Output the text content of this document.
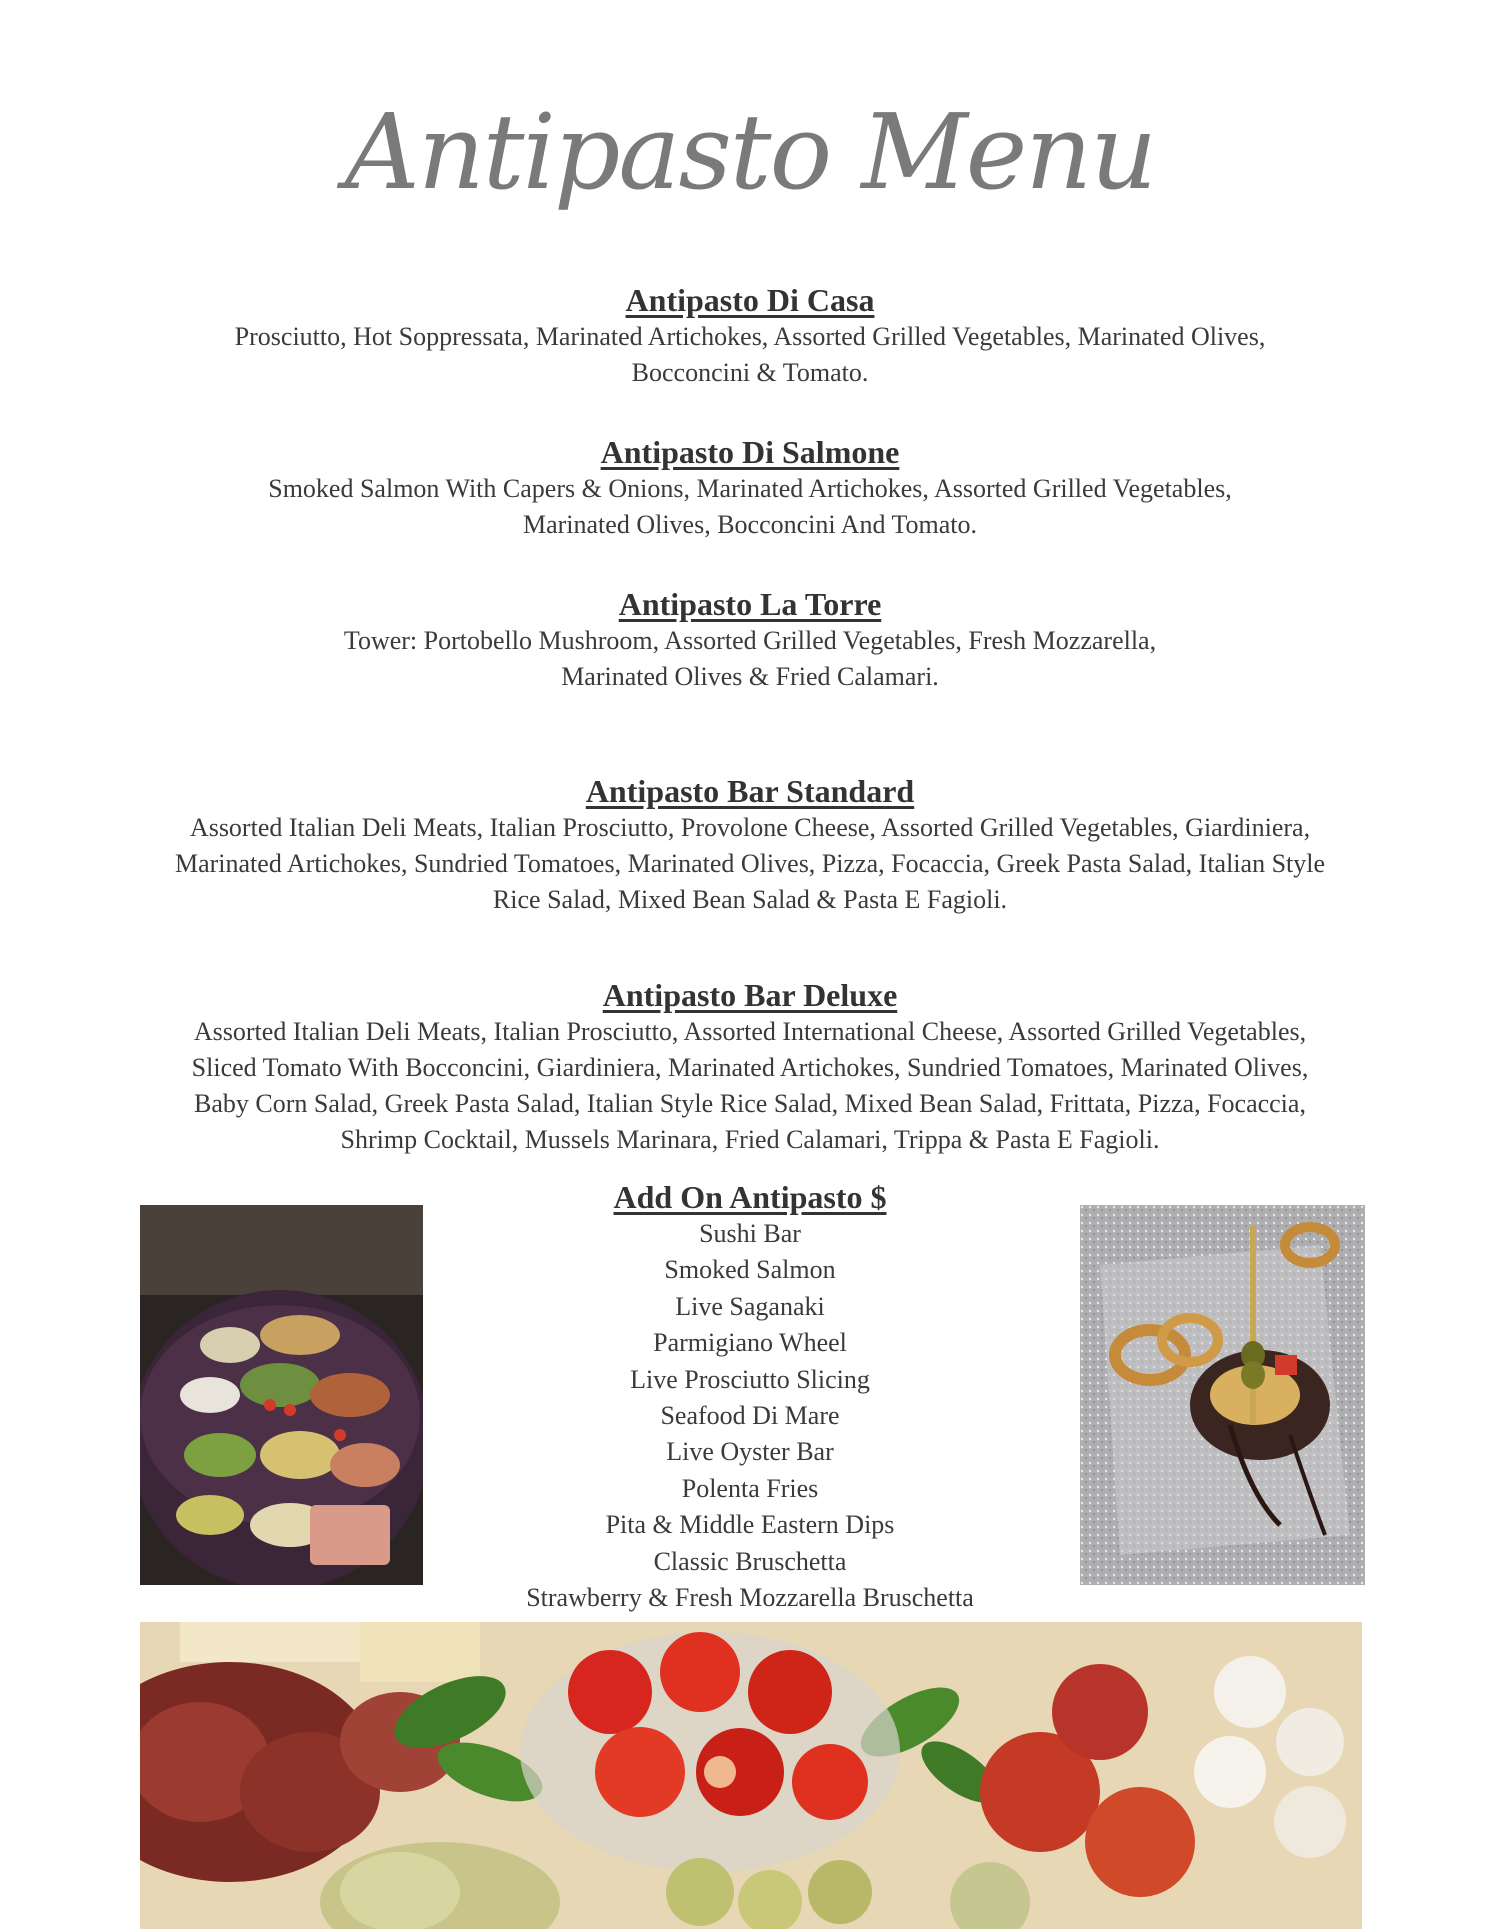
Antipasto Menu
Antipasto Di Casa

Prosciutto, Hot Soppressata, Marinated Artichokes, Assorted Grilled Vegetables, Marinated Olives,

Bocconcini & Tomato.

Antipasto Di Salmone

Smoked Salmon With Capers & Onions, Marinated Artichokes, Assorted Grilled Vegetables,

Marinated Olives, Bocconcini And Tomato.

Antipasto La Torre

Tower: Portobello Mushroom, Assorted Grilled Vegetables, Fresh Mozzarella,

Marinated Olives & Fried Calamari.

Antipasto Bar Standard

Assorted Italian Deli Meats, Italian Prosciutto, Provolone Cheese, Assorted Grilled Vegetables, Giardiniera,

Marinated Artichokes, Sundried Tomatoes, Marinated Olives, Pizza, Focaccia, Greek Pasta Salad, Italian Style

Rice Salad, Mixed Bean Salad & Pasta E Fagioli.

Antipasto Bar Deluxe

Assorted Italian Deli Meats, Italian Prosciutto, Assorted International Cheese, Assorted Grilled Vegetables,

Sliced Tomato With Bocconcini, Giardiniera, Marinated Artichokes, Sundried Tomatoes, Marinated Olives,

Baby Corn Salad, Greek Pasta Salad, Italian Style Rice Salad, Mixed Bean Salad, Frittata, Pizza, Focaccia,

Shrimp Cocktail, Mussels Marinara, Fried Calamari, Trippa & Pasta E Fagioli.

Add On Antipasto $
Sushi Bar
Smoked Salmon
Live Saganaki
Parmigiano Wheel
Live Prosciutto Slicing
Seafood Di Mare
Live Oyster Bar
Polenta Fries
Pita & Middle Eastern Dips
Classic Bruschetta
Strawberry & Fresh Mozzarella Bruschetta
